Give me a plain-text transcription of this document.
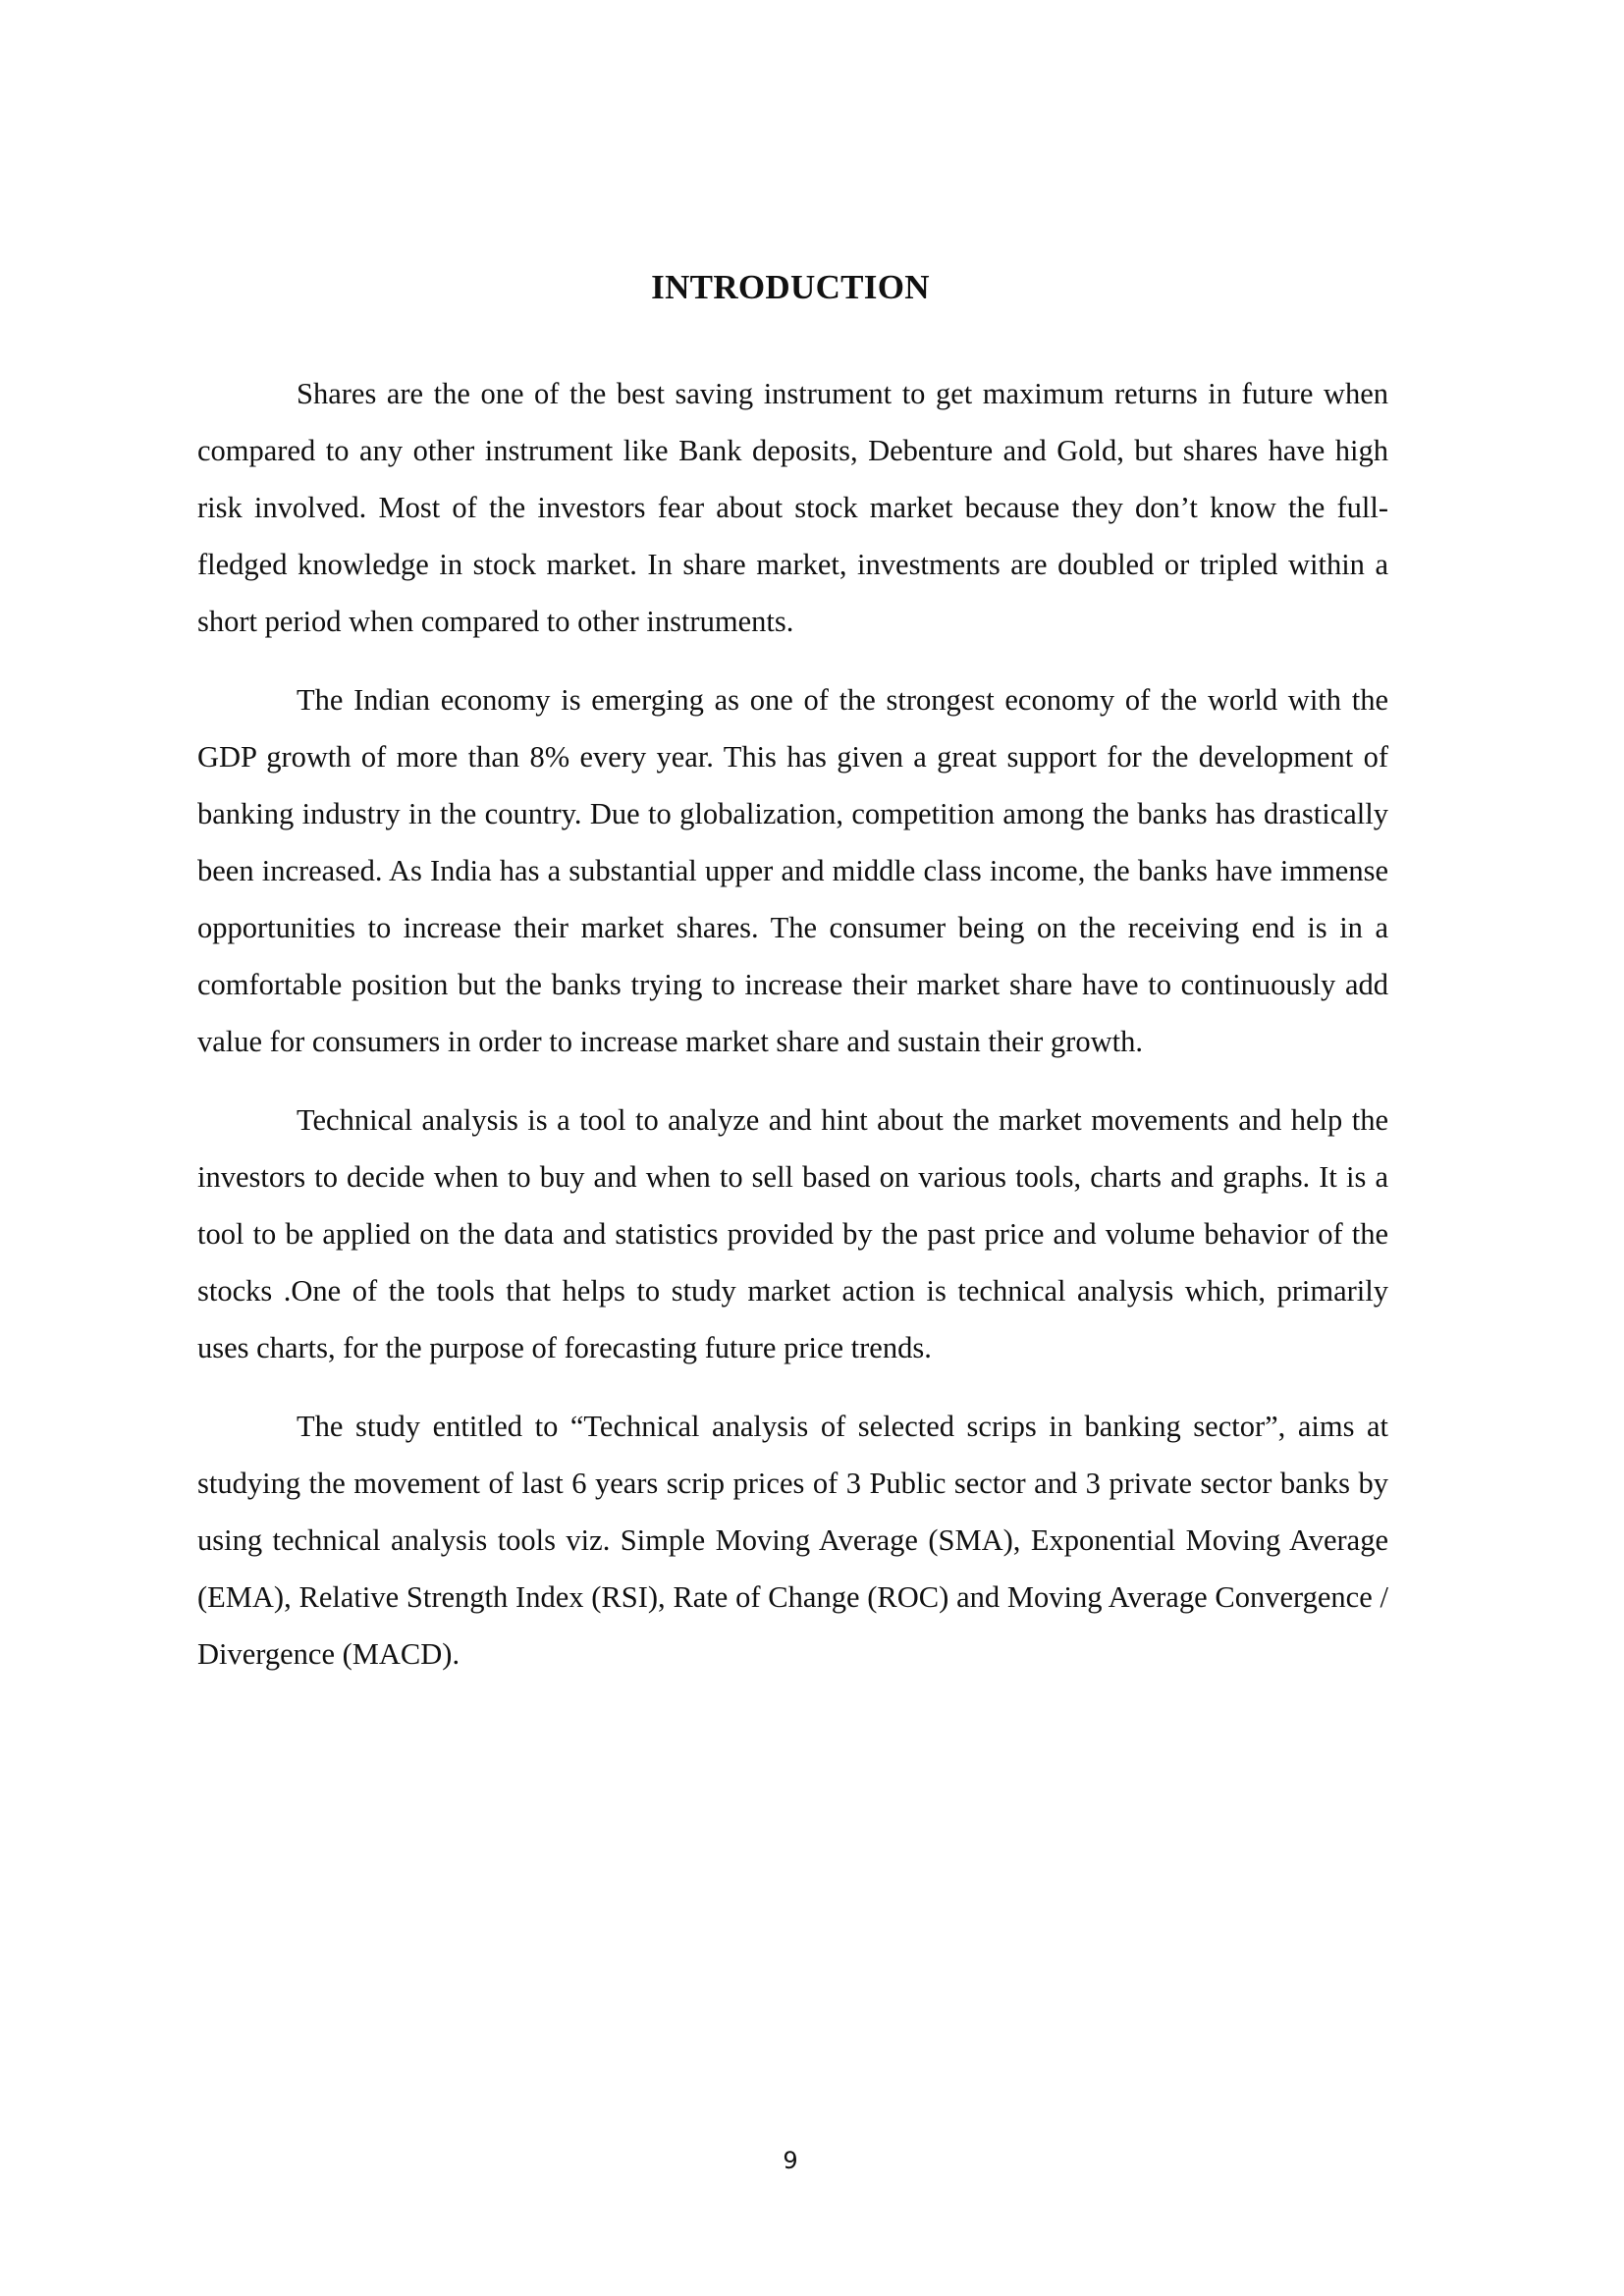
INTRODUCTION

Shares are the one of the best saving instrument to get maximum returns in future when compared to any other instrument like Bank deposits, Debenture and Gold, but shares have high risk involved. Most of the investors fear about stock market because they don’t know the full-fledged knowledge in stock market. In share market, investments are doubled or tripled within a short period when compared to other instruments.

The Indian economy is emerging as one of the strongest economy of the world with the GDP growth of more than 8% every year. This has given a great support for the development of banking industry in the country. Due to globalization, competition among the banks has drastically been increased. As India has a substantial upper and middle class income, the banks have immense opportunities to increase their market shares. The consumer being on the receiving end is in a comfortable position but the banks trying to increase their market share have to continuously add value for consumers in order to increase market share and sustain their growth.

Technical analysis is a tool to analyze and hint about the market movements and help the investors to decide when to buy and when to sell based on various tools, charts and graphs. It is a tool to be applied on the data and statistics provided by the past price and volume behavior of the stocks .One of the tools that helps to study market action is technical analysis which, primarily uses charts, for the purpose of forecasting future price trends.

The study entitled to “Technical analysis of selected scrips in banking sector”, aims at studying the movement of last 6 years scrip prices of 3 Public sector and 3 private sector banks by using technical analysis tools viz. Simple Moving Average (SMA), Exponential Moving Average (EMA), Relative Strength Index (RSI), Rate of Change (ROC) and Moving Average Convergence / Divergence (MACD).

9
